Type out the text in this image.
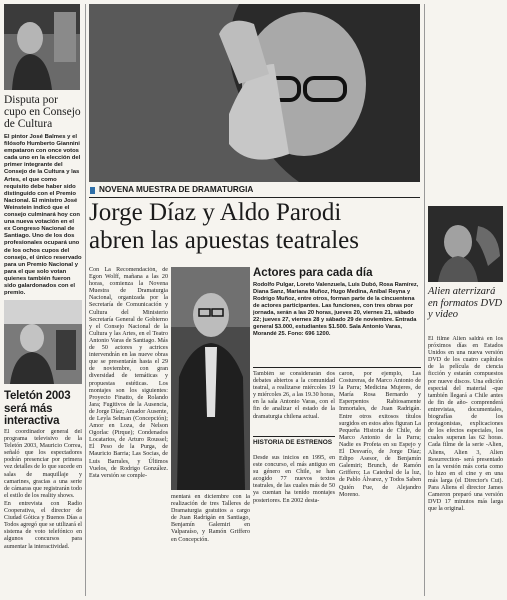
Disputa por cupo en Consejo de Cultura
El pintor José Balmes y el filósofo Humberto Giannini empataron con once votos cada uno en la elección del primer integrante del Consejo de la Cultura y las Artes, el que como requisito debe haber sido distinguido con el Premio Nacional. El ministro José Weinstein indicó que el consejo culminará hoy con una nueva votación en el ex Congreso Nacional de Santiago. Uno de los dos profesionales ocupará uno de los ochos cupos del consejo, el único reservado para un Premio Nacional y para el que solo votan quienes también fueron sido galardonados con el premio.
Teletón 2003 será más interactiva

El coordinador general del programa televisivo de la Teletón 2003, Mauricio Correa, señaló que los espectadores podrán presenciar por primera vez detalles de lo que sucede en salas de maquillaje y camarines, gracias a una serie de cámaras que registrarán todo el estilo de los reality shows.

En entrevista con Radio Cooperativa, el director de Ciudad Gótica y Buenos Días a Todos agregó que se utilizará el sistema de voto telefónico en algunos concursos para aumentar la interactividad.

NOVENA MUESTRA DE DRAMATURGIA
Jorge Díaz y Aldo Parodi
abren las apuestas teatrales
Con La Recomendación, de Egon Wolff, mañana a las 20 horas, comienza la Novena Muestra de Dramaturgia Nacional, organizada por la Secretaría de Comunicación y Cultura del Ministerio Secretaría General de Gobierno y el Consejo Nacional de la Cultura y las Artes, en el Teatro Antonio Varas de Santiago. Más de 50 actores y actrices intervendrán en las nueve obras que se presentarán hasta el 29 de noviembre, con gran diversidad de temáticas y propuestas estéticas. Los montajes son los siguientes: Proyecto Finatto, de Rolando Jara; Fugitivos de la Ausencia, de Jorge Díaz; Amador Ausente, de Leyla Selman (Concepción); Amor en Loza, de Nelson Ogorlac (Pirque); Condenados Locatarios, de Arturo Roussel; El Peso de la Purga, de Mauricio Barria; Las Socias, de Luis Barrales, y Últimos Vuelos, de Rodrigo González. Esta versión se comple-
mentará en diciembre con la realización de tres Talleres de Dramaturgia gratuitos a cargo de Juan Radrigán en Santiago, Benjamín Galemiri en Valparaíso, y Ramón Griffero en Concepción.
Actores para cada día
Rodolfo Pulgar, Loreto Valenzuela, Luis Dubó, Rosa Ramírez, Diana Sanz, Mariana Muñoz, Hugo Medina, Aníbal Reyna y Rodrigo Muñoz, entre otros, forman parte de la cincuentena de actores participantes. Las funciones, con tres obras por jornada, serán a las 20 horas, jueves 20, viernes 21, sábado 22; jueves 27, viernes 28 y sábado 29 de noviembre. Entrada general $3.000, estudiantes $1.500. Sala Antonio Varas, Morandé 25. Fono: 696 1200.
También se considerarán dos debates abiertos a la comunidad teatral, a realizarse miércoles 19 y miércoles 26, a las 19.30 horas, en la sala Antonio Varas, con el fin de analizar el estado de la dramaturgia chilena actual.
HISTORIA DE ESTRENOS
Desde sus inicios en 1995, en este concurso, el más antiguo en su género en Chile, se han acogido 77 nuevos textos teatrales, de las cuales más de 50 ya cuentan ha tenido montajes posteriores. En 2002 desta-
caron, por ejemplo, Las Costureras, de Marco Antonio de la Parra; Medicina Mujeres, de María Rosa Bernardo y Esperpentos Rabiosamente Inmortales, de Juan Radrigán. Entre otros exitosos títulos surgidos en estos años figuran La Pequeña Historia de Chile, de Marco Antonio de la Parra; Nadie es Profeta en su Espejo y El Desvarío, de Jorge Díaz; Edipo Asesor, de Benjamín Galemiri; Brunch, de Ramón Griffero; La Catedral de la luz, de Pablo Álvarez, y Todos Saben Quién Fue, de Alejandro Moreno.
Alien aterrizará en formatos DVD y video
El filme Alien saldrá en los próximos días en Estados Unidos en una nueva versión DVD de los cuatro capítulos de la película de ciencia ficción y estarán compuestos por nueve discos. Una edición especial del material -que también llegará a Chile antes de fin de año- comprenderá entrevistas, documentales, biografías de los protagonistas, explicaciones de los efectos especiales, los cuales superan las 62 horas. Cada filme de la serie -Alien, Aliens, Alien 3, Alien Resurrection- será presentado en la versión más corta como lo hizo en el cine y en una más larga (el Director's Cut). Para Aliens el director James Cameron preparó una versión DVD 17 minutos más larga que la original.
